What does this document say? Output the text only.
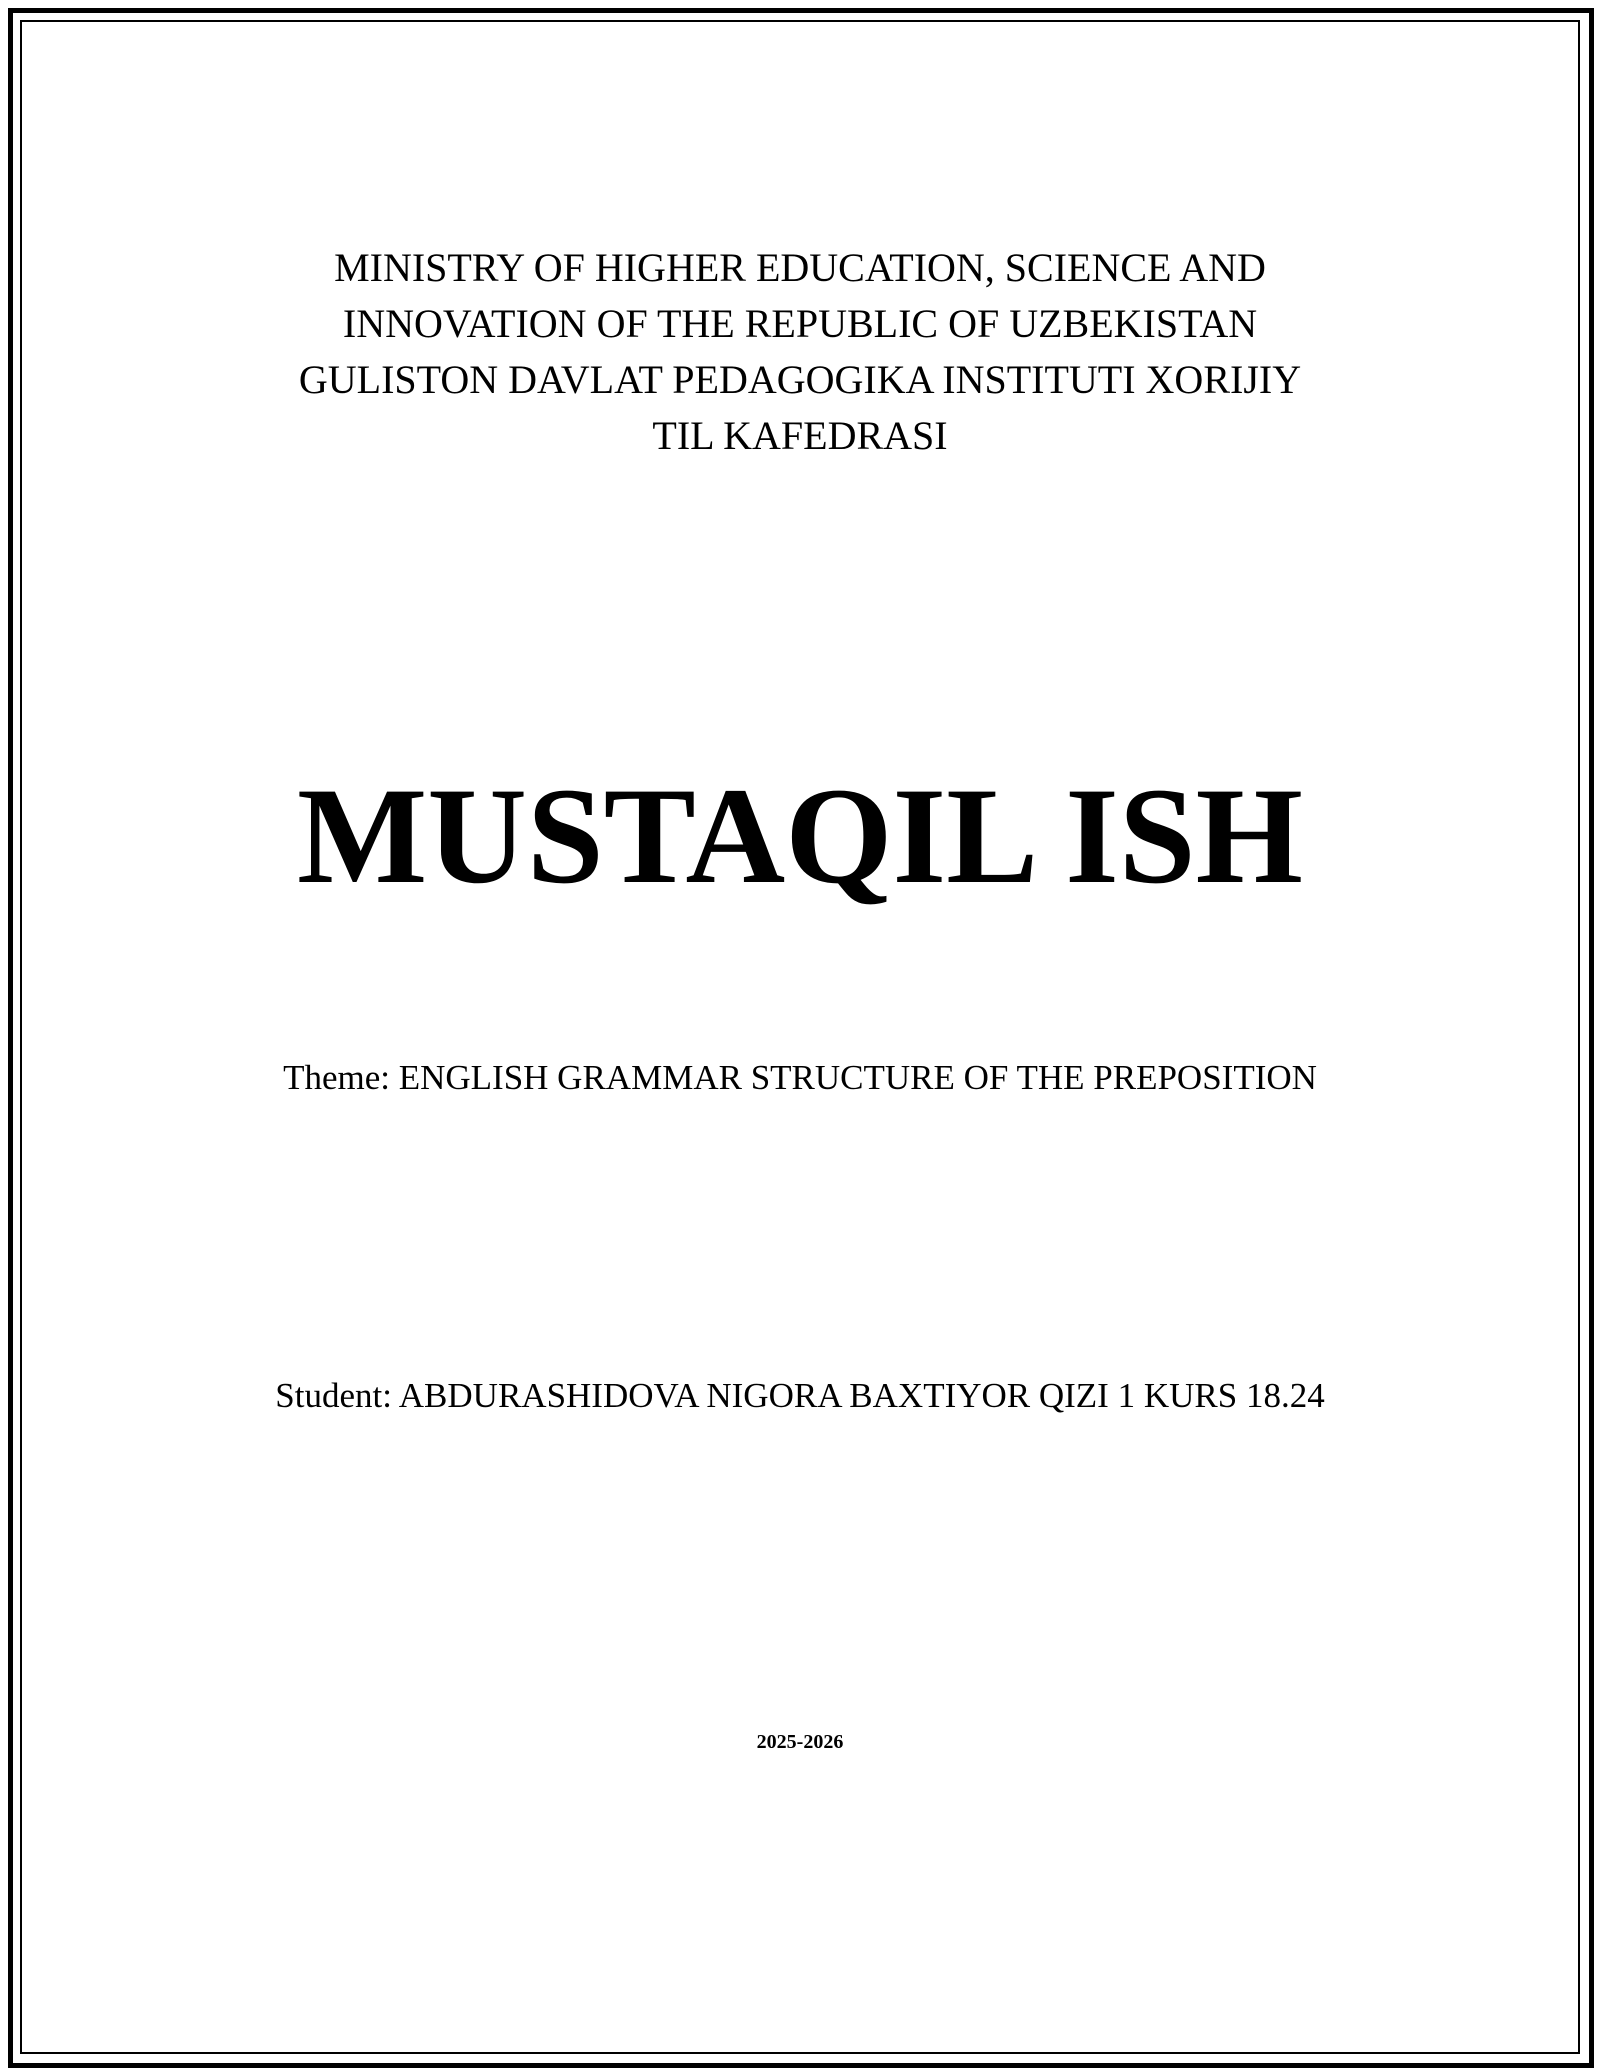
MINISTRY OF HIGHER EDUCATION, SCIENCE AND
INNOVATION OF THE REPUBLIC OF UZBEKISTAN
GULISTON DAVLAT PEDAGOGIKA INSTITUTI XORIJIY
TIL KAFEDRASI
MUSTAQIL ISH
Theme: ENGLISH GRAMMAR STRUCTURE OF THE PREPOSITION
Student: ABDURASHIDOVA NIGORA BAXTIYOR QIZI 1 KURS 18.24
2025-2026
